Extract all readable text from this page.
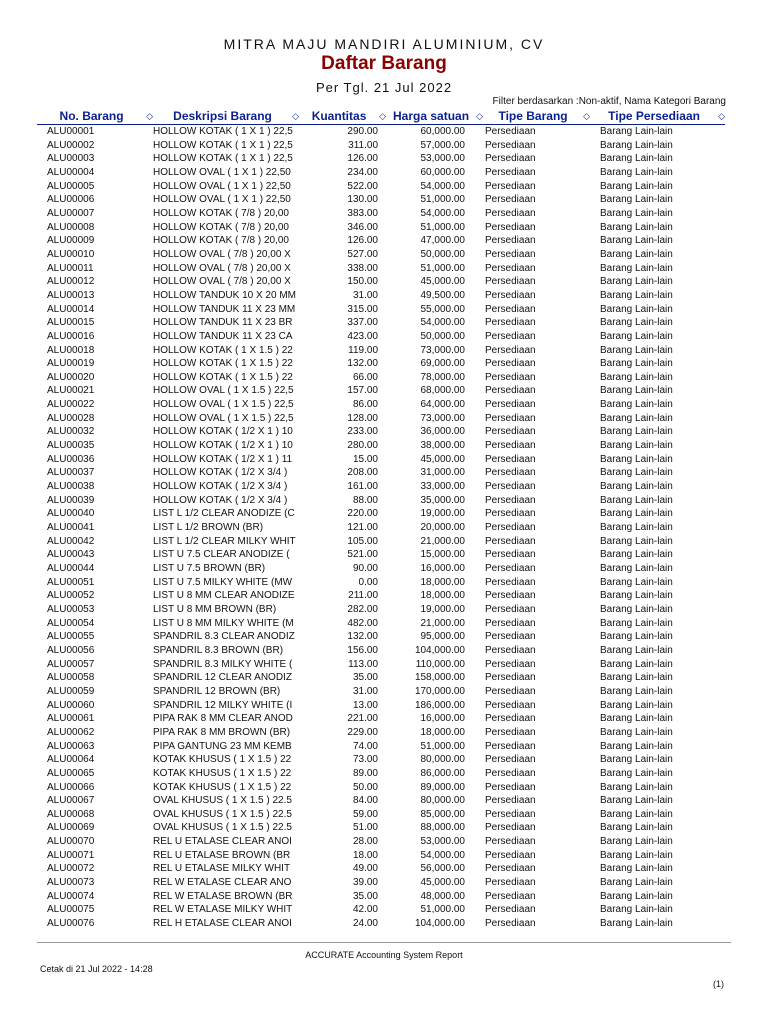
MITRA MAJU MANDIRI ALUMINIUM, CV
Daftar Barang
Per Tgl. 21 Jul 2022
Filter berdasarkan :Non-aktif, Nama Kategori Barang
No. Barang ◇	Deskripsi Barang ◇	Kuantitas ◇	Harga satuan ◇	Tipe Barang ◇	Tipe Persediaan ◇

ALU00001	HOLLOW KOTAK ( 1 X 1 ) 22,5	290.00	60,000.00	Persediaan	Barang Lain-lain
ALU00002	HOLLOW KOTAK ( 1 X 1 ) 22,5	311.00	57,000.00	Persediaan	Barang Lain-lain
ALU00003	HOLLOW KOTAK ( 1 X 1 ) 22,5	126.00	53,000.00	Persediaan	Barang Lain-lain
ALU00004	HOLLOW OVAL ( 1 X 1 ) 22,50	234.00	60,000.00	Persediaan	Barang Lain-lain
ALU00005	HOLLOW OVAL ( 1 X 1 ) 22,50	522.00	54,000.00	Persediaan	Barang Lain-lain
ALU00006	HOLLOW OVAL ( 1 X 1 ) 22,50	130.00	51,000.00	Persediaan	Barang Lain-lain
ALU00007	HOLLOW KOTAK ( 7/8 ) 20,00	383.00	54,000.00	Persediaan	Barang Lain-lain
ALU00008	HOLLOW KOTAK ( 7/8 ) 20,00	346.00	51,000.00	Persediaan	Barang Lain-lain
ALU00009	HOLLOW KOTAK ( 7/8 ) 20,00	126.00	47,000.00	Persediaan	Barang Lain-lain
ALU00010	HOLLOW OVAL ( 7/8 ) 20,00 X	527.00	50,000.00	Persediaan	Barang Lain-lain
ALU00011	HOLLOW OVAL ( 7/8 ) 20,00 X	338.00	51,000.00	Persediaan	Barang Lain-lain
ALU00012	HOLLOW OVAL ( 7/8 ) 20,00 X	150.00	45,000.00	Persediaan	Barang Lain-lain
ALU00013	HOLLOW TANDUK 10 X 20 MM	31.00	49,500.00	Persediaan	Barang Lain-lain
ALU00014	HOLLOW TANDUK 11 X 23 MM	315.00	55,000.00	Persediaan	Barang Lain-lain
ALU00015	HOLLOW TANDUK 11 X 23 BR	337.00	54,000.00	Persediaan	Barang Lain-lain
ALU00016	HOLLOW TANDUK 11 X 23 CA	423.00	50,000.00	Persediaan	Barang Lain-lain
ALU00018	HOLLOW KOTAK ( 1 X 1.5 ) 22	119.00	73,000.00	Persediaan	Barang Lain-lain
ALU00019	HOLLOW KOTAK ( 1 X 1.5 ) 22	132.00	69,000.00	Persediaan	Barang Lain-lain
ALU00020	HOLLOW KOTAK ( 1 X 1.5 ) 22	66.00	78,000.00	Persediaan	Barang Lain-lain
ALU00021	HOLLOW OVAL ( 1 X 1.5 ) 22,5	157.00	68,000.00	Persediaan	Barang Lain-lain
ALU00022	HOLLOW OVAL ( 1 X 1.5 ) 22,5	86.00	64,000.00	Persediaan	Barang Lain-lain
ALU00028	HOLLOW OVAL ( 1 X 1.5 ) 22,5	128.00	73,000.00	Persediaan	Barang Lain-lain
ALU00032	HOLLOW KOTAK ( 1/2 X 1 ) 10	233.00	36,000.00	Persediaan	Barang Lain-lain
ALU00035	HOLLOW KOTAK ( 1/2 X 1 ) 10	280.00	38,000.00	Persediaan	Barang Lain-lain
ALU00036	HOLLOW KOTAK ( 1/2 X 1 ) 11	15.00	45,000.00	Persediaan	Barang Lain-lain
ALU00037	HOLLOW KOTAK ( 1/2 X 3/4 )	208.00	31,000.00	Persediaan	Barang Lain-lain
ALU00038	HOLLOW KOTAK ( 1/2 X 3/4 )	161.00	33,000.00	Persediaan	Barang Lain-lain
ALU00039	HOLLOW KOTAK ( 1/2 X 3/4 )	88.00	35,000.00	Persediaan	Barang Lain-lain
ALU00040	LIST L 1/2 CLEAR ANODIZE (C	220.00	19,000.00	Persediaan	Barang Lain-lain
ALU00041	LIST L 1/2 BROWN (BR)	121.00	20,000.00	Persediaan	Barang Lain-lain
ALU00042	LIST L 1/2 CLEAR MILKY WHIT	105.00	21,000.00	Persediaan	Barang Lain-lain
ALU00043	LIST U 7.5 CLEAR ANODIZE (	521.00	15,000.00	Persediaan	Barang Lain-lain
ALU00044	LIST U 7.5 BROWN (BR)	90.00	16,000.00	Persediaan	Barang Lain-lain
ALU00051	LIST U 7.5 MILKY WHITE (MW	0.00	18,000.00	Persediaan	Barang Lain-lain
ALU00052	LIST U 8 MM CLEAR ANODIZE	211.00	18,000.00	Persediaan	Barang Lain-lain
ALU00053	LIST U 8 MM BROWN (BR)	282.00	19,000.00	Persediaan	Barang Lain-lain
ALU00054	LIST U 8 MM MILKY WHITE (M	482.00	21,000.00	Persediaan	Barang Lain-lain
ALU00055	SPANDRIL 8.3 CLEAR ANODIZ	132.00	95,000.00	Persediaan	Barang Lain-lain
ALU00056	SPANDRIL 8.3 BROWN (BR)	156.00	104,000.00	Persediaan	Barang Lain-lain
ALU00057	SPANDRIL 8.3 MILKY WHITE (	113.00	110,000.00	Persediaan	Barang Lain-lain
ALU00058	SPANDRIL 12 CLEAR ANODIZ	35.00	158,000.00	Persediaan	Barang Lain-lain
ALU00059	SPANDRIL 12 BROWN (BR)	31.00	170,000.00	Persediaan	Barang Lain-lain
ALU00060	SPANDRIL 12 MILKY WHITE (I	13.00	186,000.00	Persediaan	Barang Lain-lain
ALU00061	PIPA RAK 8 MM CLEAR ANOD	221.00	16,000.00	Persediaan	Barang Lain-lain
ALU00062	PIPA RAK 8 MM BROWN (BR)	229.00	18,000.00	Persediaan	Barang Lain-lain
ALU00063	PIPA GANTUNG 23 MM KEMB	74.00	51,000.00	Persediaan	Barang Lain-lain
ALU00064	KOTAK KHUSUS ( 1 X 1.5 ) 22	73.00	80,000.00	Persediaan	Barang Lain-lain
ALU00065	KOTAK KHUSUS ( 1 X 1.5 ) 22	89.00	86,000.00	Persediaan	Barang Lain-lain
ALU00066	KOTAK KHUSUS ( 1 X 1.5 ) 22	50.00	89,000.00	Persediaan	Barang Lain-lain
ALU00067	OVAL KHUSUS ( 1 X 1.5 ) 22.5	84.00	80,000.00	Persediaan	Barang Lain-lain
ALU00068	OVAL KHUSUS ( 1 X 1.5 ) 22.5	59.00	85,000.00	Persediaan	Barang Lain-lain
ALU00069	OVAL KHUSUS ( 1 X 1.5 ) 22.5	51.00	88,000.00	Persediaan	Barang Lain-lain
ALU00070	REL U ETALASE CLEAR ANOI	28.00	53,000.00	Persediaan	Barang Lain-lain
ALU00071	REL U ETALASE BROWN (BR	18.00	54,000.00	Persediaan	Barang Lain-lain
ALU00072	REL U ETALASE MILKY WHIT	49.00	56,000.00	Persediaan	Barang Lain-lain
ALU00073	REL W ETALASE CLEAR ANO	39.00	45,000.00	Persediaan	Barang Lain-lain
ALU00074	REL W ETALASE BROWN (BR	35.00	48,000.00	Persediaan	Barang Lain-lain
ALU00075	REL W ETALASE MILKY WHIT	42.00	51,000.00	Persediaan	Barang Lain-lain
ALU00076	REL H ETALASE CLEAR ANOI	24.00	104,000.00	Persediaan	Barang Lain-lain
ACCURATE Accounting System Report
Cetak di 21 Jul 2022 - 14:28
(1)
